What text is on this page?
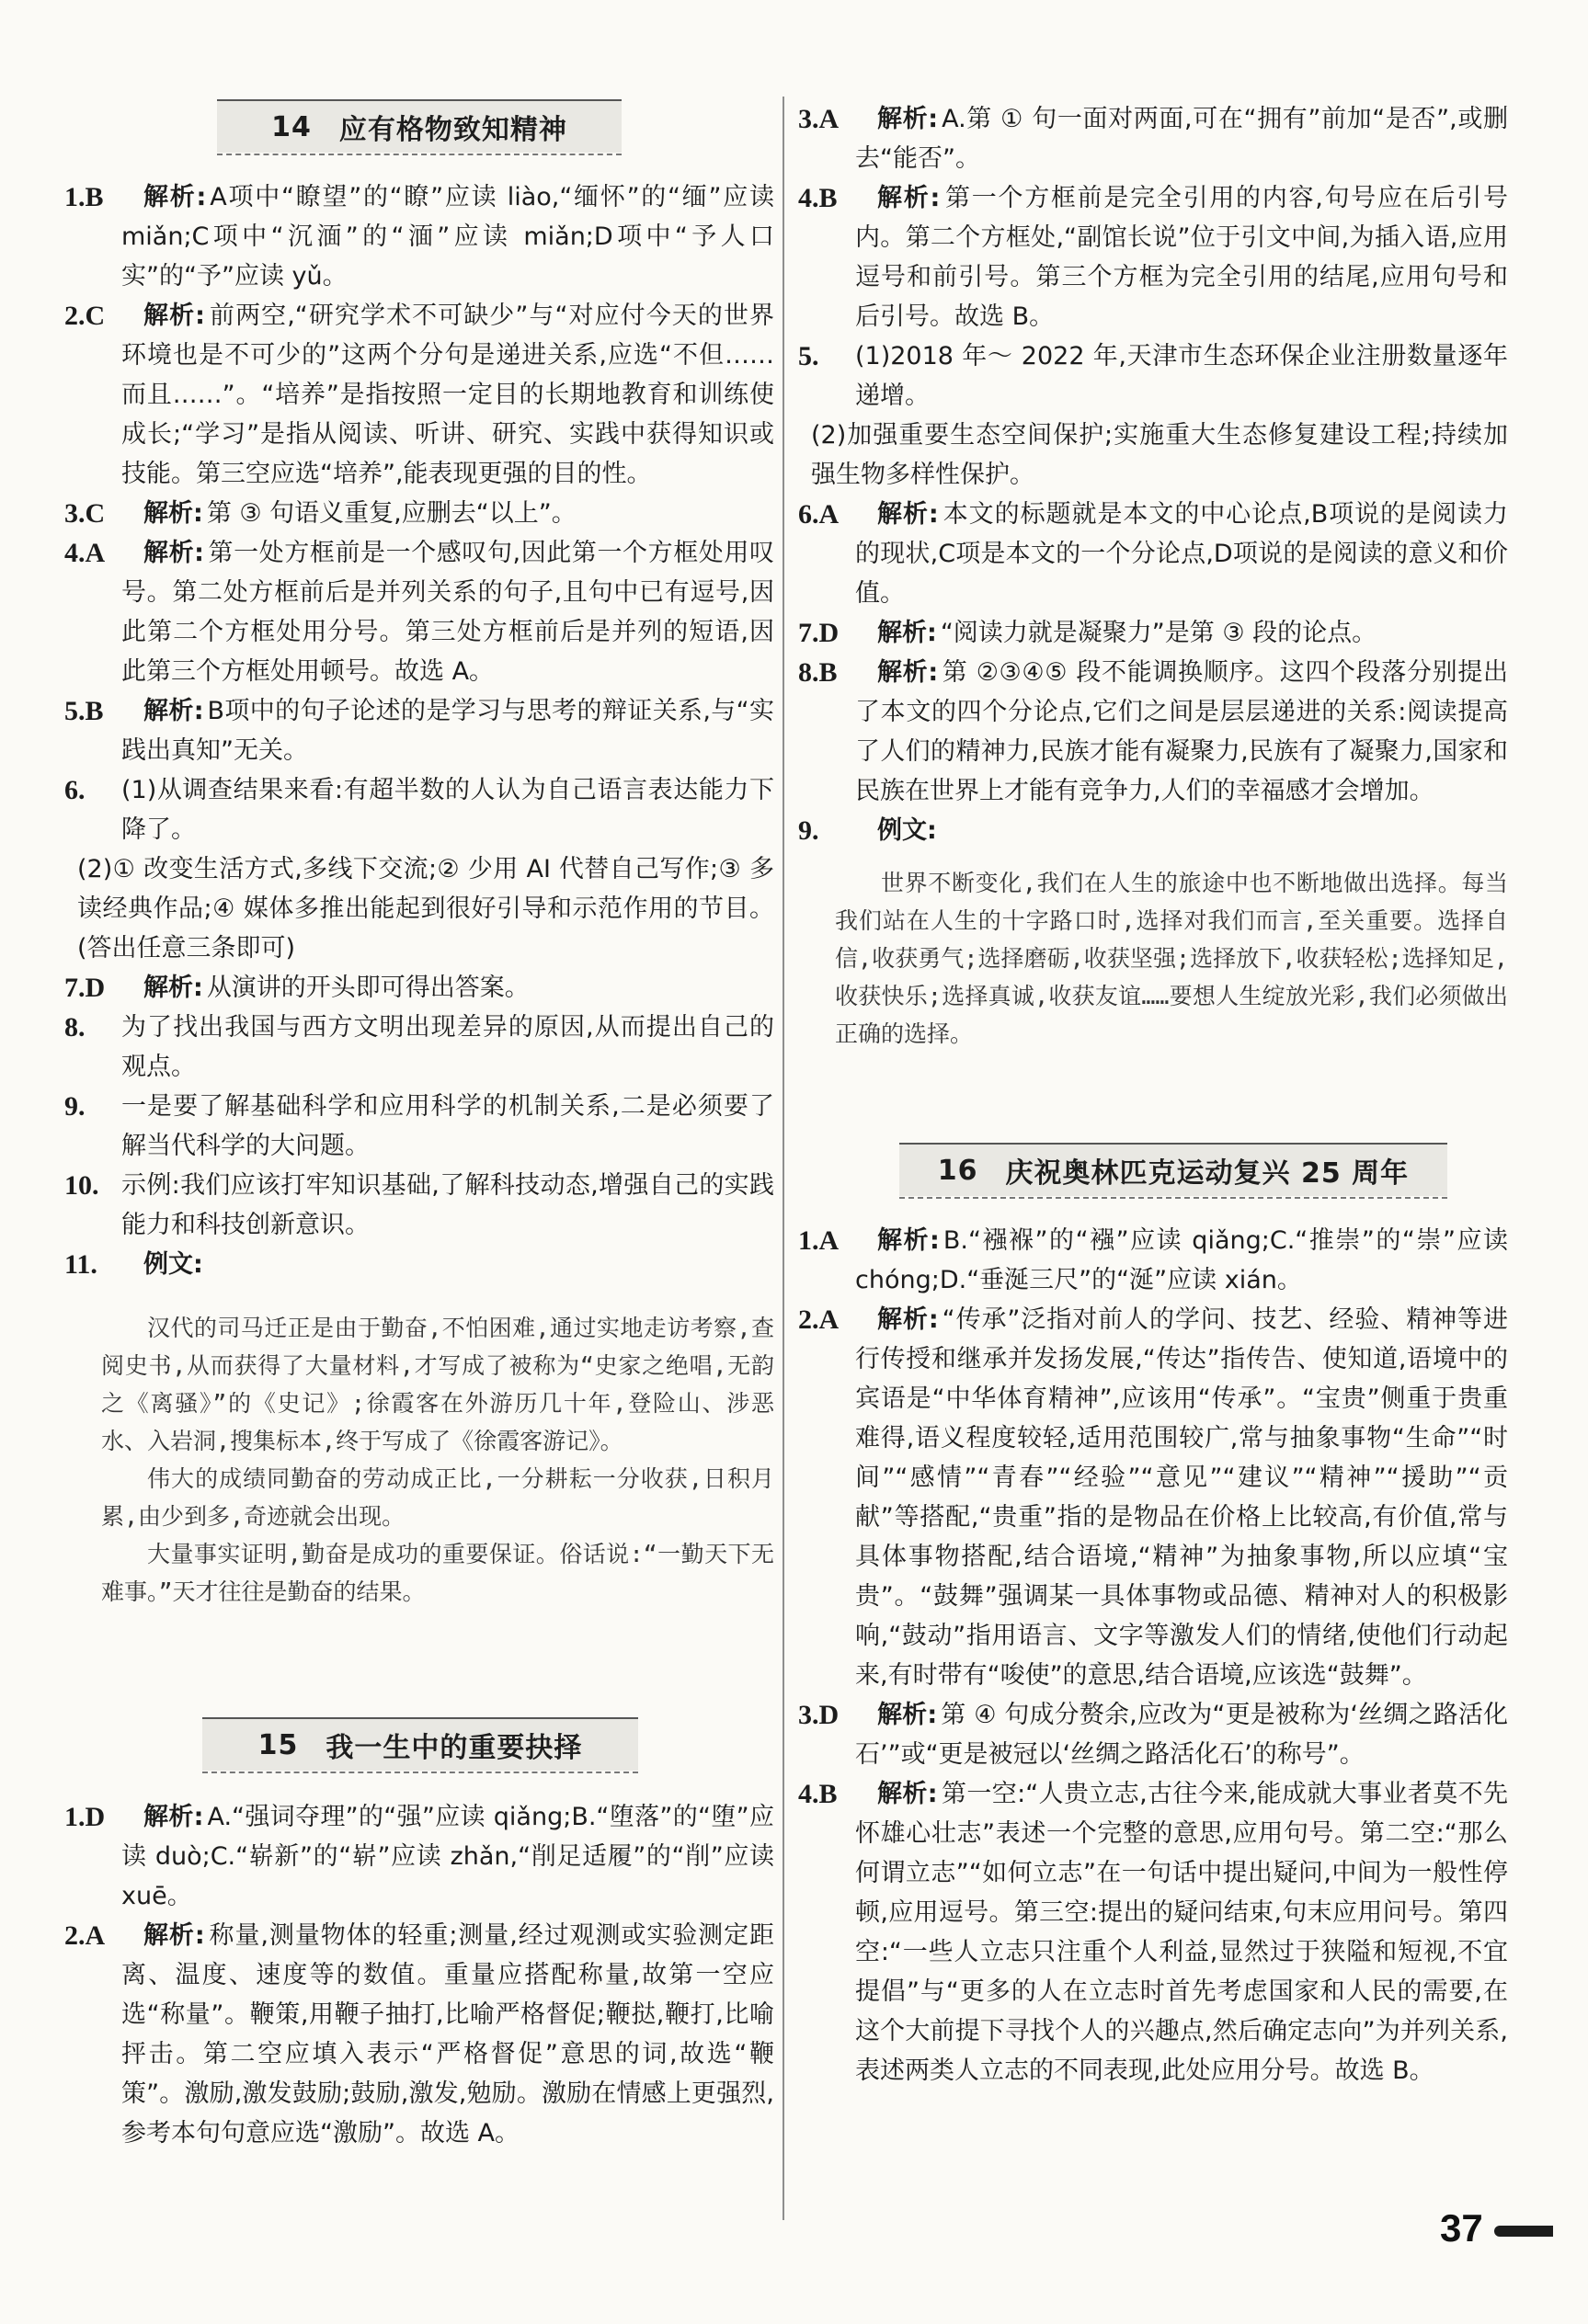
14 应有格物致知精神
1.B 解析: A项中“瞭望”的“瞭”应读 liào,“缅怀”的“缅”应读 miǎn;C项中“沉湎”的“湎”应读 miǎn;D项中“予人口实”的“予”应读 yǔ。
2.C 解析: 前两空,“研究学术不可缺少”与“对应付今天的世界环境也是不可少的”这两个分句是递进关系,应选“不但……而且……”。“培养”是指按照一定目的长期地教育和训练使成长;“学习”是指从阅读、听讲、研究、实践中获得知识或技能。第三空应选“培养”,能表现更强的目的性。
3.C 解析: 第 ③ 句语义重复,应删去“以上”。
4.A 解析: 第一处方框前是一个感叹句,因此第一个方框处用叹号。第二处方框前后是并列关系的句子,且句中已有逗号,因此第二个方框处用分号。第三处方框前后是并列的短语,因此第三个方框处用顿号。故选 A。
5.B 解析: B项中的句子论述的是学习与思考的辩证关系,与“实践出真知”无关。
6. (1)从调查结果来看:有超半数的人认为自己语言表达能力下降了。
(2)① 改变生活方式,多线下交流;② 少用 AI 代替自己写作;③ 多读经典作品;④ 媒体多推出能起到很好引导和示范作用的节目。(答出任意三条即可)
7.D 解析: 从演讲的开头即可得出答案。
8. 为了找出我国与西方文明出现差异的原因,从而提出自己的观点。
9. 一是要了解基础科学和应用科学的机制关系,二是必须要了解当代科学的大问题。
10. 示例:我们应该打牢知识基础,了解科技动态,增强自己的实践能力和科技创新意识。
11. 例文:

汉代的司马迁正是由于勤奋,不怕困难,通过实地走访考察,查阅史书,从而获得了大量材料,才写成了被称为“史家之绝唱,无韵之《离骚》”的《史记》;徐霞客在外游历几十年,登险山、涉恶水、入岩洞,搜集标本,终于写成了《徐霞客游记》。

伟大的成绩同勤奋的劳动成正比,一分耕耘一分收获,日积月累,由少到多,奇迹就会出现。

大量事实证明,勤奋是成功的重要保证。俗话说:“一勤天下无难事。”天才往往是勤奋的结果。

15 我一生中的重要抉择
1.D 解析: A.“强词夺理”的“强”应读 qiǎng;B.“堕落”的“堕”应读 duò;C.“崭新”的“崭”应读 zhǎn,“削足适履”的“削”应读 xuē。
2.A 解析: 称量,测量物体的轻重;测量,经过观测或实验测定距离、温度、速度等的数值。重量应搭配称量,故第一空应选“称量”。鞭策,用鞭子抽打,比喻严格督促;鞭挞,鞭打,比喻抨击。第二空应填入表示“严格督促”意思的词,故选“鞭策”。激励,激发鼓励;鼓励,激发,勉励。激励在情感上更强烈,参考本句句意应选“激励”。故选 A。
3.A 解析: A.第 ① 句一面对两面,可在“拥有”前加“是否”,或删去“能否”。
4.B 解析: 第一个方框前是完全引用的内容,句号应在后引号内。第二个方框处,“副馆长说”位于引文中间,为插入语,应用逗号和前引号。第三个方框为完全引用的结尾,应用句号和后引号。故选 B。
5. (1)2018 年～ 2022 年,天津市生态环保企业注册数量逐年递增。
(2)加强重要生态空间保护;实施重大生态修复建设工程;持续加强生物多样性保护。
6.A 解析: 本文的标题就是本文的中心论点,B项说的是阅读力的现状,C项是本文的一个分论点,D项说的是阅读的意义和价值。
7.D 解析: “阅读力就是凝聚力”是第 ③ 段的论点。
8.B 解析: 第 ②③④⑤ 段不能调换顺序。这四个段落分别提出了本文的四个分论点,它们之间是层层递进的关系:阅读提高了人们的精神力,民族才能有凝聚力,民族有了凝聚力,国家和民族在世界上才能有竞争力,人们的幸福感才会增加。
9. 例文:

世界不断变化,我们在人生的旅途中也不断地做出选择。每当我们站在人生的十字路口时,选择对我们而言,至关重要。选择自信,收获勇气;选择磨砺,收获坚强;选择放下,收获轻松;选择知足,收获快乐;选择真诚,收获友谊……要想人生绽放光彩,我们必须做出正确的选择。

16 庆祝奥林匹克运动复兴 25 周年
1.A 解析: B.“襁褓”的“襁”应读 qiǎng;C.“推崇”的“崇”应读 chóng;D.“垂涎三尺”的“涎”应读 xián。
2.A 解析: “传承”泛指对前人的学问、技艺、经验、精神等进行传授和继承并发扬发展,“传达”指传告、使知道,语境中的宾语是“中华体育精神”,应该用“传承”。“宝贵”侧重于贵重难得,语义程度较轻,适用范围较广,常与抽象事物“生命”“时间”“感情”“青春”“经验”“意见”“建议”“精神”“援助”“贡献”等搭配,“贵重”指的是物品在价格上比较高,有价值,常与具体事物搭配,结合语境,“精神”为抽象事物,所以应填“宝贵”。“鼓舞”强调某一具体事物或品德、精神对人的积极影响,“鼓动”指用语言、文字等激发人们的情绪,使他们行动起来,有时带有“唆使”的意思,结合语境,应该选“鼓舞”。
3.D 解析: 第 ④ 句成分赘余,应改为“更是被称为‘丝绸之路活化石’”或“更是被冠以‘丝绸之路活化石’的称号”。
4.B 解析: 第一空:“人贵立志,古往今来,能成就大事业者莫不先怀雄心壮志”表述一个完整的意思,应用句号。第二空:“那么何谓立志”“如何立志”在一句话中提出疑问,中间为一般性停顿,应用逗号。第三空:提出的疑问结束,句末应用问号。第四空:“一些人立志只注重个人利益,显然过于狭隘和短视,不宜提倡”与“更多的人在立志时首先考虑国家和人民的需要,在这个大前提下寻找个人的兴趣点,然后确定志向”为并列关系,表述两类人立志的不同表现,此处应用分号。故选 B。
37
